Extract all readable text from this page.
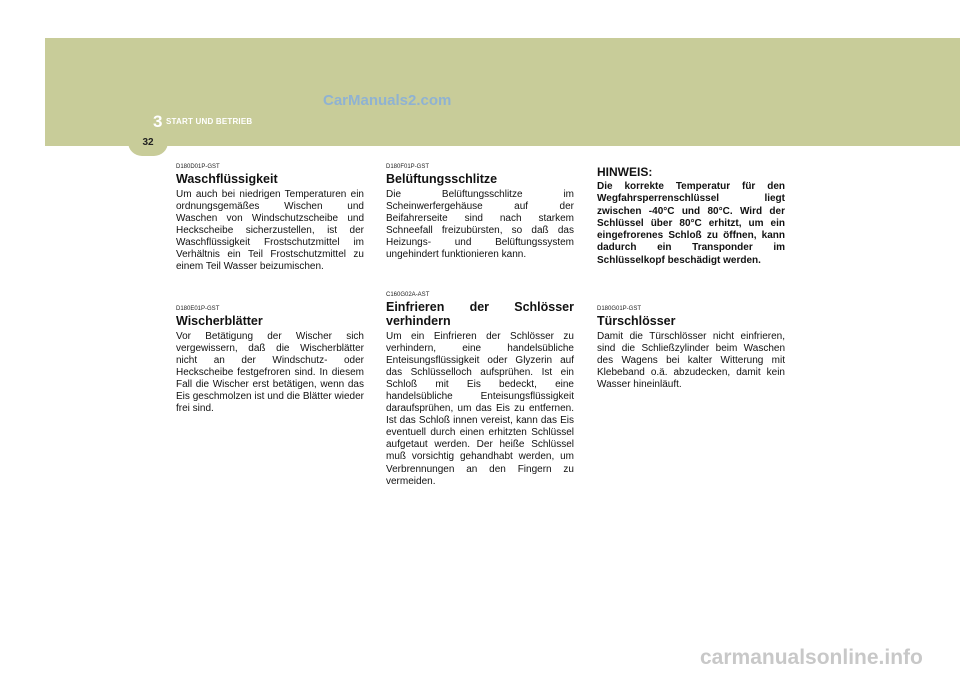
32
3 START UND BETRIEB
CarManuals2.com
D180D01P-GST
Waschflüssigkeit

Um auch bei niedrigen Temperaturen ein ordnungsgemäßes Wischen und Waschen von Windschutzscheibe und Heckscheibe sicherzustellen, ist der Waschflüssigkeit Frostschutzmittel im Verhältnis ein Teil Frostschutzmittel zu einem Teil Wasser beizumischen.

D180E01P-GST
Wischerblätter

Vor Betätigung der Wischer sich vergewissern, daß die Wischerblätter nicht an der Windschutz- oder Heckscheibe festgefroren sind. In diesem Fall die Wischer erst betätigen, wenn das Eis geschmolzen ist und die Blätter wieder frei sind.

D180F01P-GST
Belüftungsschlitze

Die Belüftungsschlitze im Scheinwerfergehäuse auf der Beifahrerseite sind nach starkem Schneefall freizubürsten, so daß das Heizungs- und Belüftungssystem ungehindert funktionieren kann.

C160G02A-AST
Einfrieren der Schlösser verhindern

Um ein Einfrieren der Schlösser zu verhindern, eine handelsübliche Enteisungsflüssigkeit oder Glyzerin auf das Schlüsselloch aufsprühen. Ist ein Schloß mit Eis bedeckt, eine handelsübliche Enteisungsflüssigkeit daraufsprühen, um das Eis zu entfernen. Ist das Schloß innen vereist, kann das Eis eventuell durch einen erhitzten Schlüssel aufgetaut werden. Der heiße Schlüssel muß vorsichtig gehandhabt werden, um Verbrennungen an den Fingern zu vermeiden.

HINWEIS:

Die korrekte Temperatur für den Wegfahrsperrenschlüssel liegt zwischen -40°C und 80°C. Wird der Schlüssel über 80°C erhitzt, um ein eingefrorenes Schloß zu öffnen, kann dadurch ein Transponder im Schlüsselkopf beschädigt werden.

D180G01P-GST
Türschlösser

Damit die Türschlösser nicht einfrieren, sind die Schließzylinder beim Waschen des Wagens bei kalter Witterung mit Klebeband o.ä. abzudecken, damit kein Wasser hineinläuft.

carmanualsonline.info
